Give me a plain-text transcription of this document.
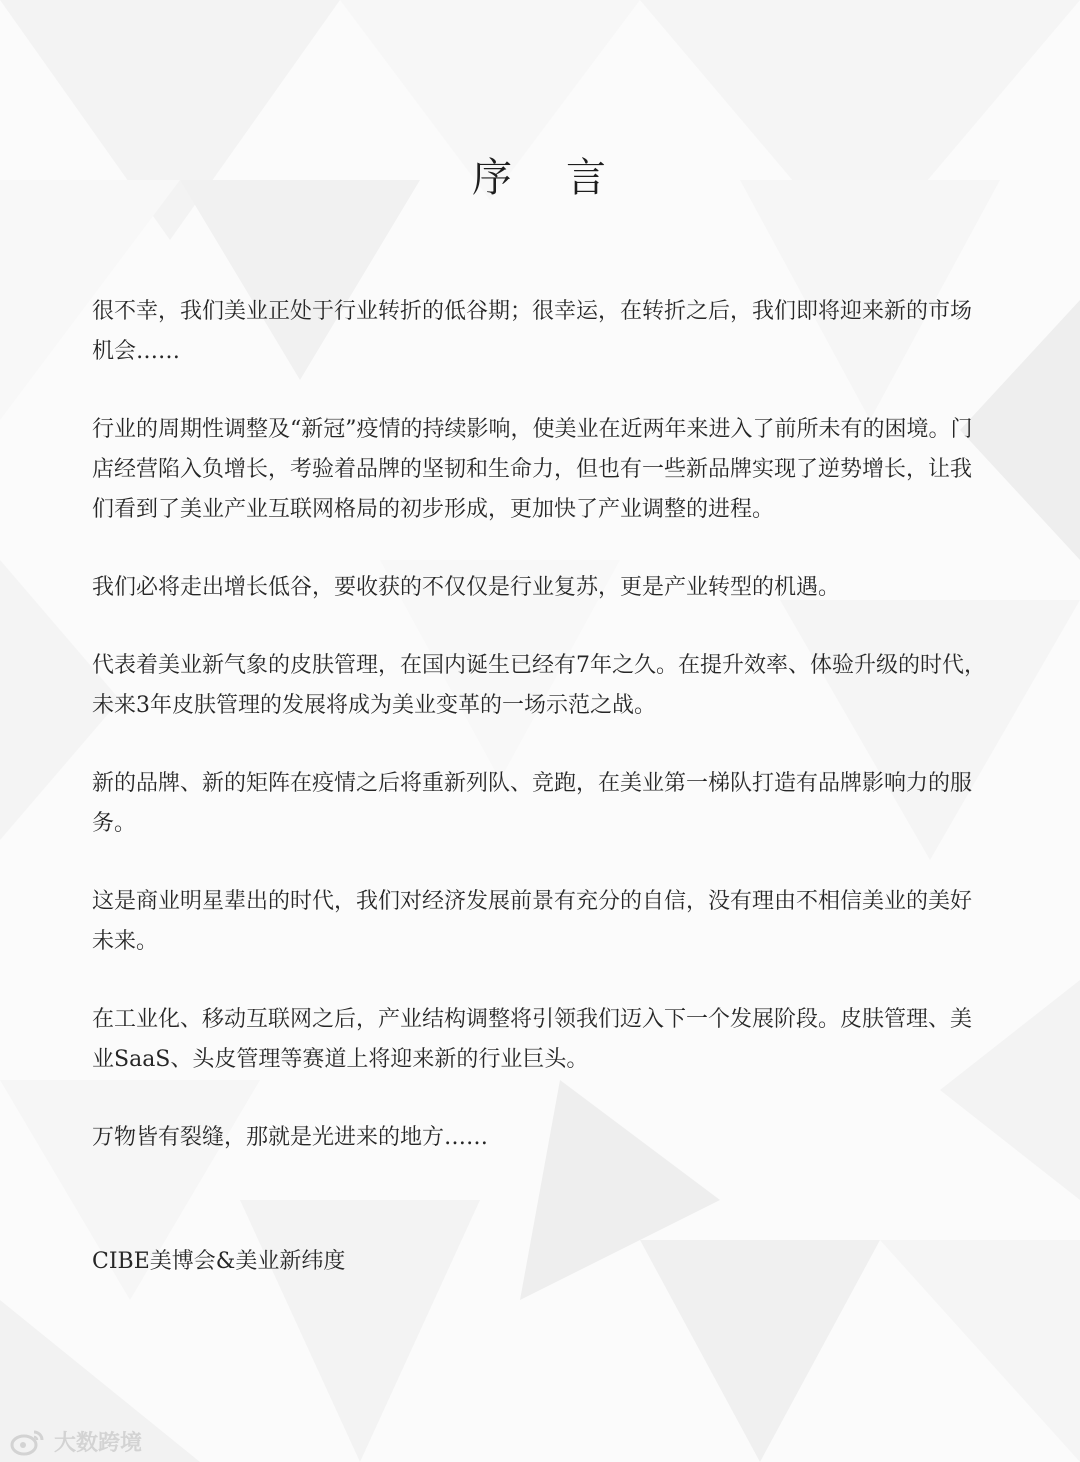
序 言

很不幸，我们美业正处于行业转折的低谷期；很幸运，在转折之后，我们即将迎来新的市场机会……

行业的周期性调整及“新冠”疫情的持续影响，使美业在近两年来进入了前所未有的困境。门店经营陷入负增长，考验着品牌的坚韧和生命力，但也有一些新品牌实现了逆势增长，让我们看到了美业产业互联网格局的初步形成，更加快了产业调整的进程。

我们必将走出增长低谷，要收获的不仅仅是行业复苏，更是产业转型的机遇。

代表着美业新气象的皮肤管理，在国内诞生已经有7年之久。在提升效率、体验升级的时代，未来3年皮肤管理的发展将成为美业变革的一场示范之战。

新的品牌、新的矩阵在疫情之后将重新列队、竞跑，在美业第一梯队打造有品牌影响力的服务。

这是商业明星辈出的时代，我们对经济发展前景有充分的自信，没有理由不相信美业的美好未来。

在工业化、移动互联网之后，产业结构调整将引领我们迈入下一个发展阶段。皮肤管理、美业SaaS、头皮管理等赛道上将迎来新的行业巨头。

万物皆有裂缝，那就是光进来的地方……

CIBE美博会&美业新纬度

大数跨境
